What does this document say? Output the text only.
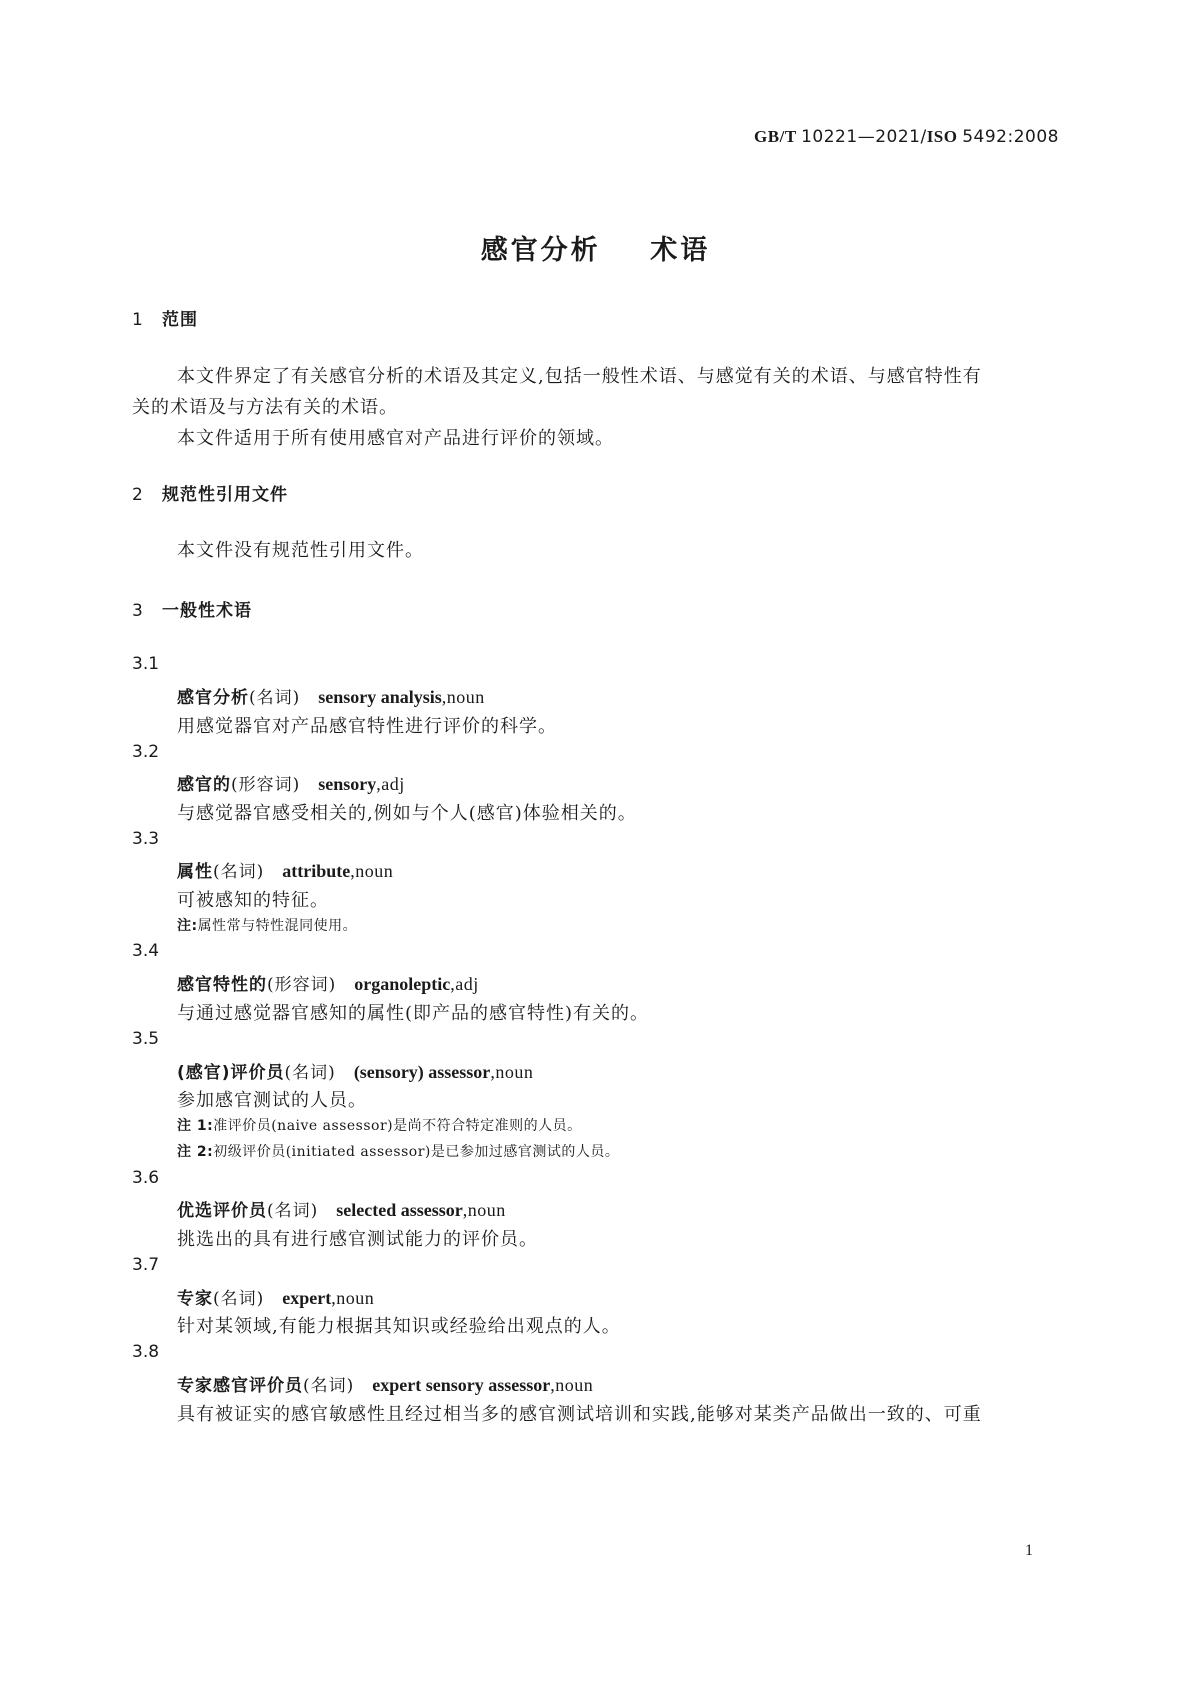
GB/T 10221—2021/ISO 5492:2008
感官分析    术语
1 范围
本文件界定了有关感官分析的术语及其定义,包括一般性术语、与感觉有关的术语、与感官特性有
关的术语及与方法有关的术语。
本文件适用于所有使用感官对产品进行评价的领域。
2 规范性引用文件
本文件没有规范性引用文件。
3 一般性术语
3.1
感官分析(名词) sensory analysis,noun
用感觉器官对产品感官特性进行评价的科学。
3.2
感官的(形容词) sensory,adj
与感觉器官感受相关的,例如与个人(感官)体验相关的。
3.3
属性(名词) attribute,noun
可被感知的特征。
注:属性常与特性混同使用。
3.4
感官特性的(形容词) organoleptic,adj
与通过感觉器官感知的属性(即产品的感官特性)有关的。
3.5
(感官)评价员(名词) (sensory) assessor,noun
参加感官测试的人员。
注 1:准评价员(naive assessor)是尚不符合特定准则的人员。
注 2:初级评价员(initiated assessor)是已参加过感官测试的人员。
3.6
优选评价员(名词) selected assessor,noun
挑选出的具有进行感官测试能力的评价员。
3.7
专家(名词) expert,noun
针对某领域,有能力根据其知识或经验给出观点的人。
3.8
专家感官评价员(名词) expert sensory assessor,noun
具有被证实的感官敏感性且经过相当多的感官测试培训和实践,能够对某类产品做出一致的、可重
1
